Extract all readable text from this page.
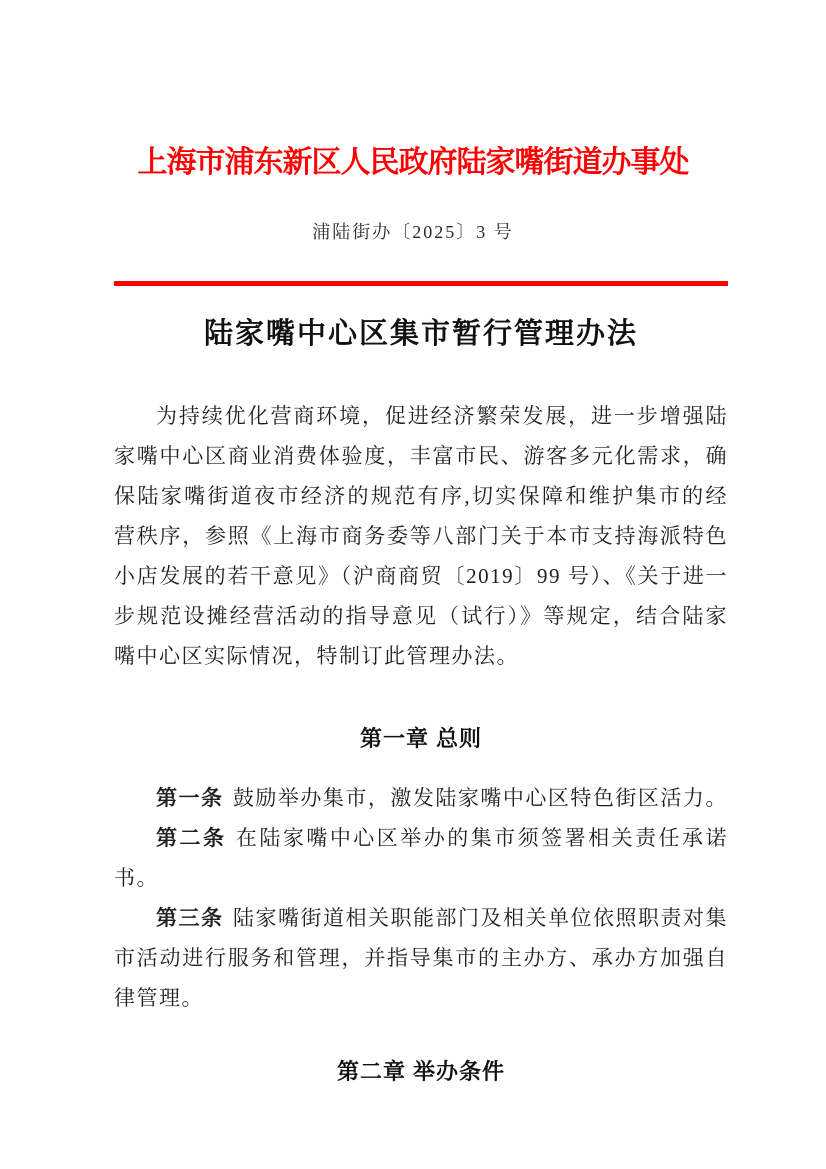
上海市浦东新区人民政府陆家嘴街道办事处
浦陆街办〔2025〕3 号
陆家嘴中心区集市暂行管理办法

为持续优化营商环境，促进经济繁荣发展，进一步增强陆家嘴中心区商业消费体验度，丰富市民、游客多元化需求，确保陆家嘴街道夜市经济的规范有序,切实保障和维护集市的经营秩序，参照《上海市商务委等八部门关于本市支持海派特色小店发展的若干意见》（沪商商贸〔2019〕99 号）、《关于进一步规范设摊经营活动的指导意见（试行）》等规定，结合陆家嘴中心区实际情况，特制订此管理办法。

第一章 总则

第一条 鼓励举办集市，激发陆家嘴中心区特色街区活力。

第二条 在陆家嘴中心区举办的集市须签署相关责任承诺书。

第三条 陆家嘴街道相关职能部门及相关单位依照职责对集市活动进行服务和管理，并指导集市的主办方、承办方加强自律管理。

第二章 举办条件
